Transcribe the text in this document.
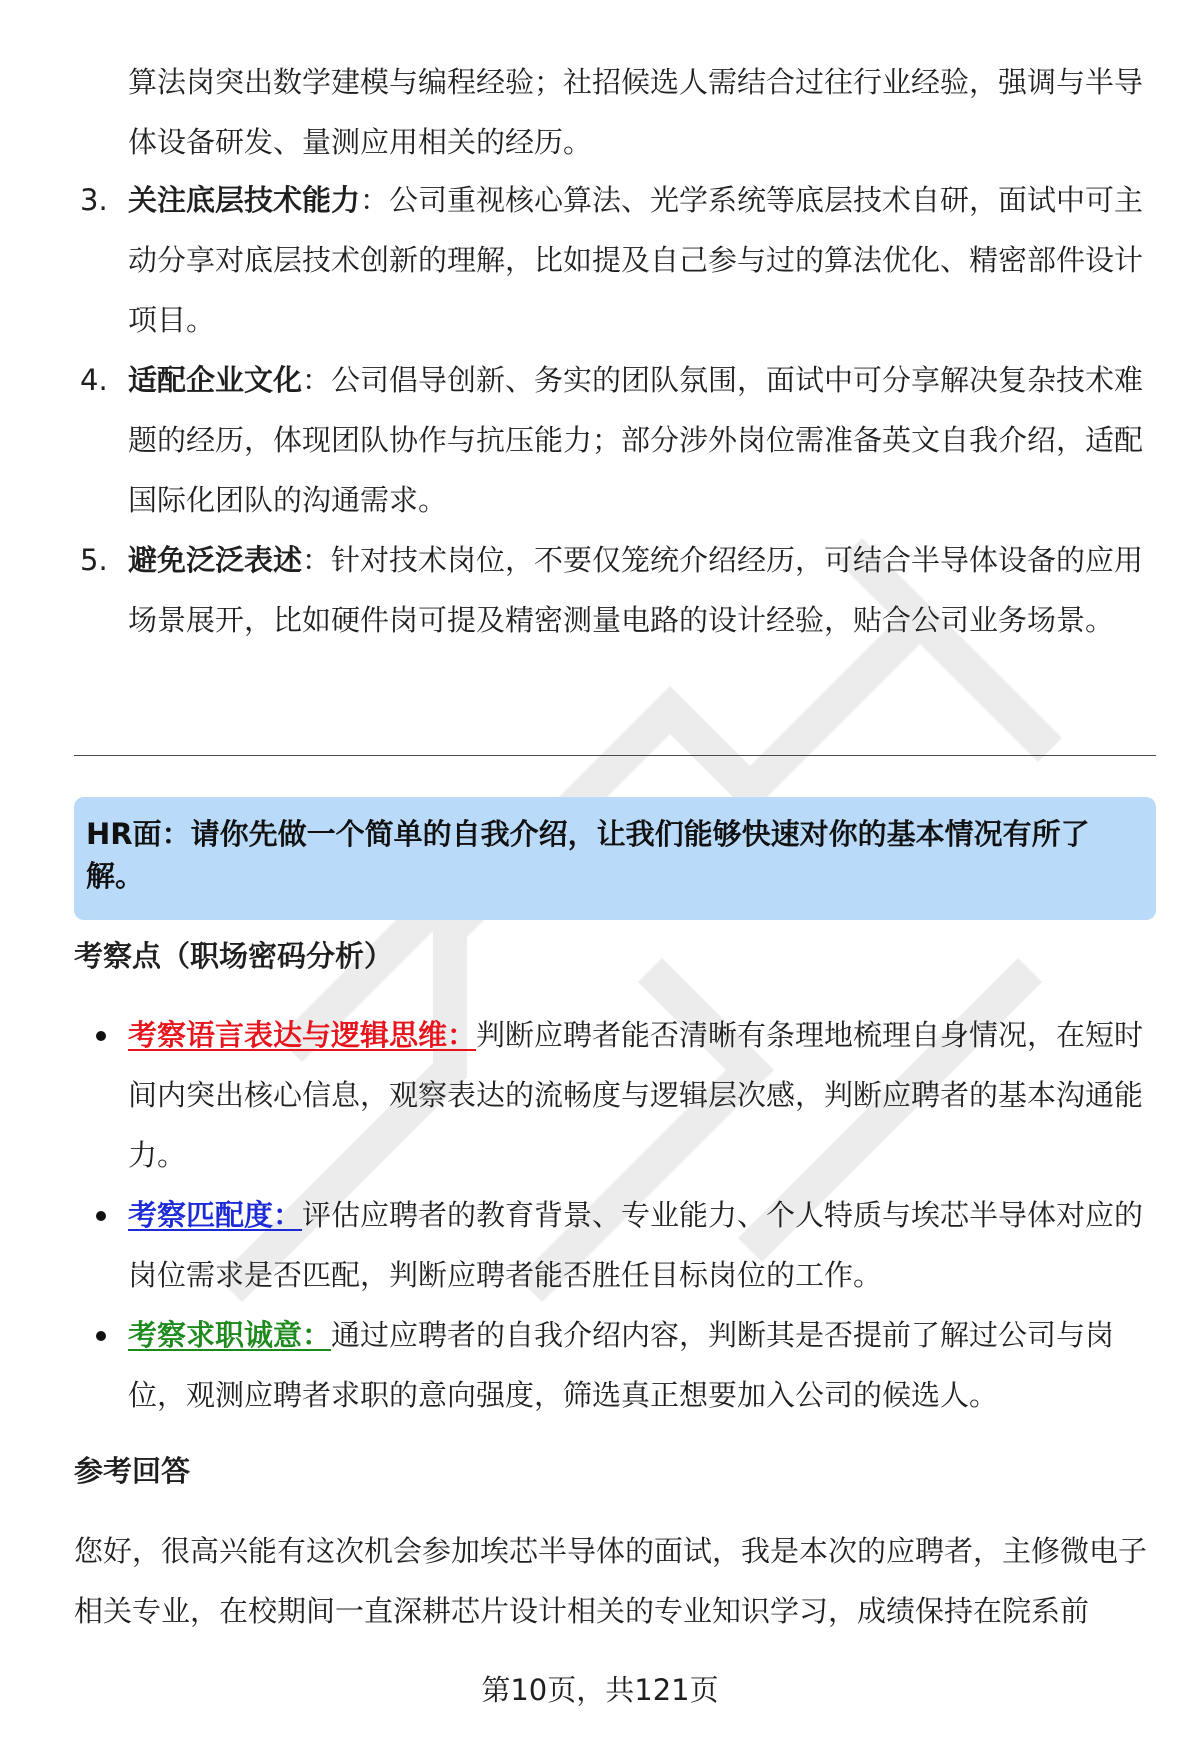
算法岗突出数学建模与编程经验；社招候选人需结合过往行业经验，强调与半导体设备研发、量测应用相关的经历。
3. 关注底层技术能力：公司重视核心算法、光学系统等底层技术自研，面试中可主动分享对底层技术创新的理解，比如提及自己参与过的算法优化、精密部件设计项目。
4. 适配企业文化：公司倡导创新、务实的团队氛围，面试中可分享解决复杂技术难题的经历，体现团队协作与抗压能力；部分涉外岗位需准备英文自我介绍，适配国际化团队的沟通需求。
5. 避免泛泛表述：针对技术岗位，不要仅笼统介绍经历，可结合半导体设备的应用场景展开，比如硬件岗可提及精密测量电路的设计经验，贴合公司业务场景。
HR面：请你先做一个简单的自我介绍，让我们能够快速对你的基本情况有所了解。
考察点（职场密码分析）
考察语言表达与逻辑思维：判断应聘者能否清晰有条理地梳理自身情况，在短时间内突出核心信息，观察表达的流畅度与逻辑层次感，判断应聘者的基本沟通能力。
考察匹配度：评估应聘者的教育背景、专业能力、个人特质与埃芯半导体对应的岗位需求是否匹配，判断应聘者能否胜任目标岗位的工作。
考察求职诚意：通过应聘者的自我介绍内容，判断其是否提前了解过公司与岗位，观测应聘者求职的意向强度，筛选真正想要加入公司的候选人。
参考回答
您好，很高兴能有这次机会参加埃芯半导体的面试，我是本次的应聘者，主修微电子相关专业，在校期间一直深耕芯片设计相关的专业知识学习，成绩保持在院系前
第10页，共121页
